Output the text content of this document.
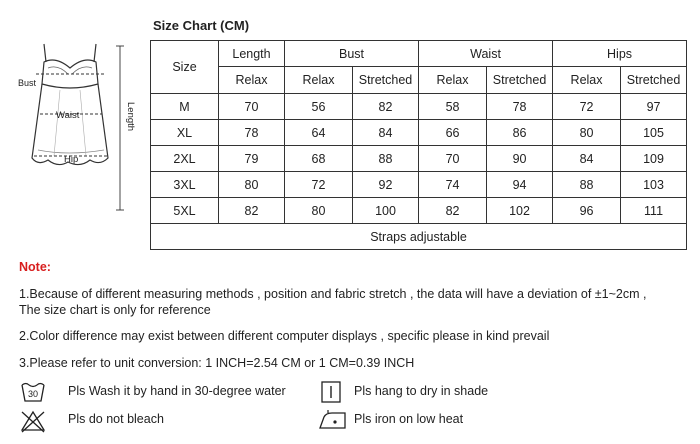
Bust
Waist
Hip
Length
Size Chart (CM)
Size	Length	Bust		Waist		Hips	
	Relax	Relax	Stretched	Relax	Stretched	Relax	Stretched
M	70	56	82	58	78	72	97
XL	78	64	84	66	86	80	105
2XL	79	68	88	70	90	84	109
3XL	80	72	92	74	94	88	103
5XL	82	80	100	82	102	96	111
Straps adjustable							
Note:
1.Because of different measuring methods , position and fabric stretch , the data will have a deviation of ±1~2cm ,
The size chart is only for reference
2.Color difference may exist between different computer displays , specific please in kind prevail
3.Please refer to unit conversion: 1 INCH=2.54 CM or 1 CM=0.39 INCH
30 Pls Wash it by hand in 30-degree water	Pls hang to dry in shade
Pls do not bleach	Pls iron on low heat
